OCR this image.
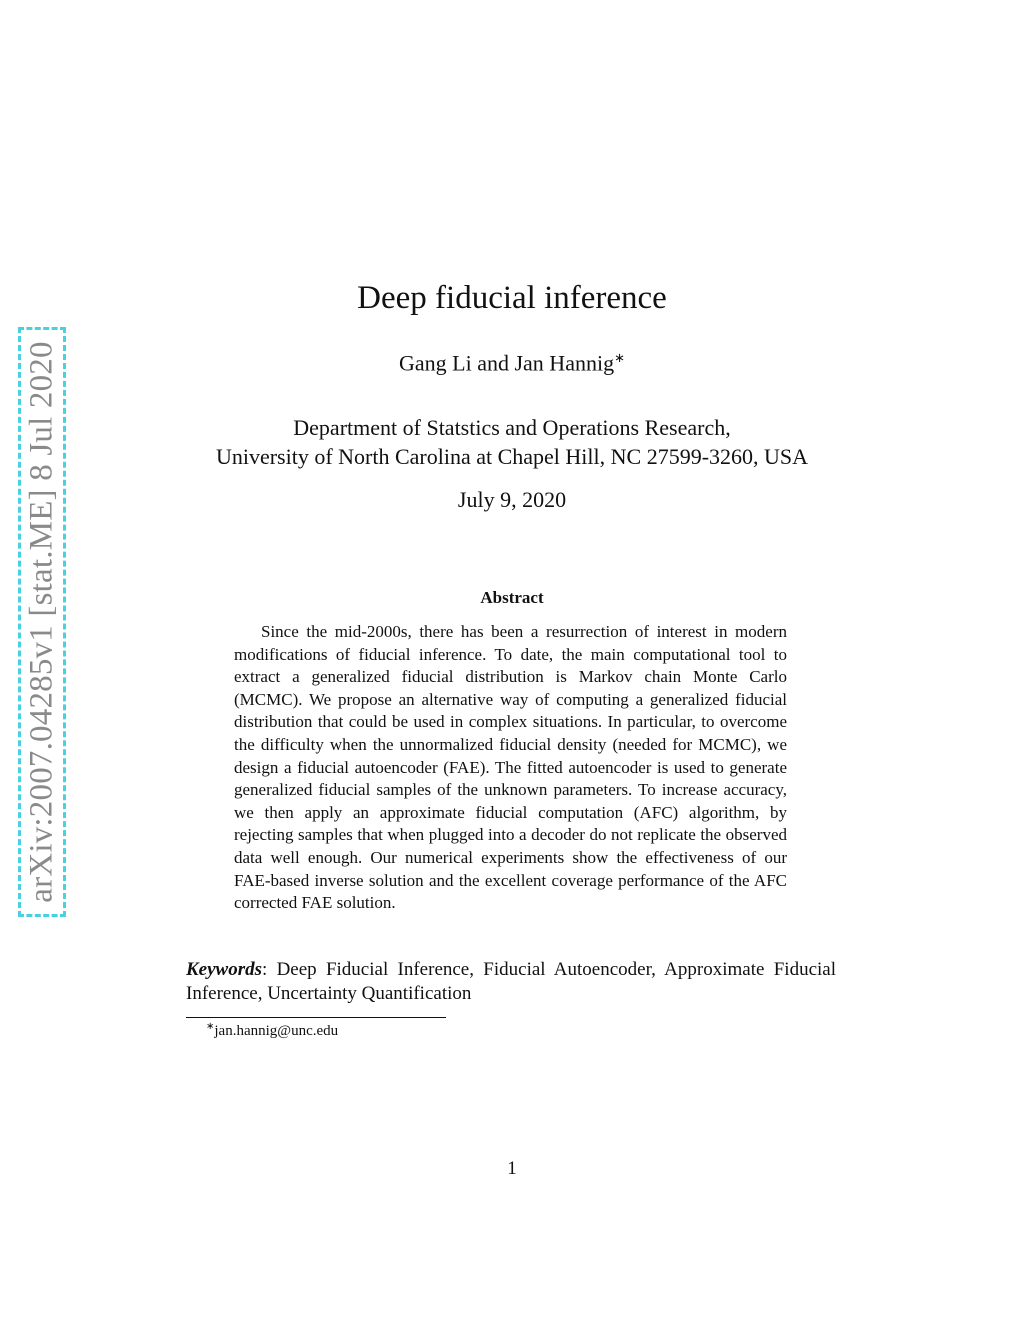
arXiv:2007.04285v1 [stat.ME] 8 Jul 2020
Deep fiducial inference
Gang Li and Jan Hannig∗
Department of Statstics and Operations Research,
University of North Carolina at Chapel Hill, NC 27599-3260, USA
July 9, 2020
Abstract
Since the mid-2000s, there has been a resurrection of interest in modern modifications of fiducial inference. To date, the main computational tool to extract a generalized fiducial distribution is Markov chain Monte Carlo (MCMC). We propose an alternative way of computing a generalized fiducial distribution that could be used in complex situations. In particular, to overcome the difficulty when the unnormalized fiducial density (needed for MCMC), we design a fiducial autoencoder (FAE). The fitted autoencoder is used to generate generalized fiducial samples of the unknown parameters. To increase accuracy, we then apply an approximate fiducial computation (AFC) algorithm, by rejecting samples that when plugged into a decoder do not replicate the observed data well enough. Our numerical experiments show the effectiveness of our FAE-based inverse solution and the excellent coverage performance of the AFC corrected FAE solution.
Keywords: Deep Fiducial Inference, Fiducial Autoencoder, Approximate Fiducial Inference, Uncertainty Quantification
∗jan.hannig@unc.edu
1
